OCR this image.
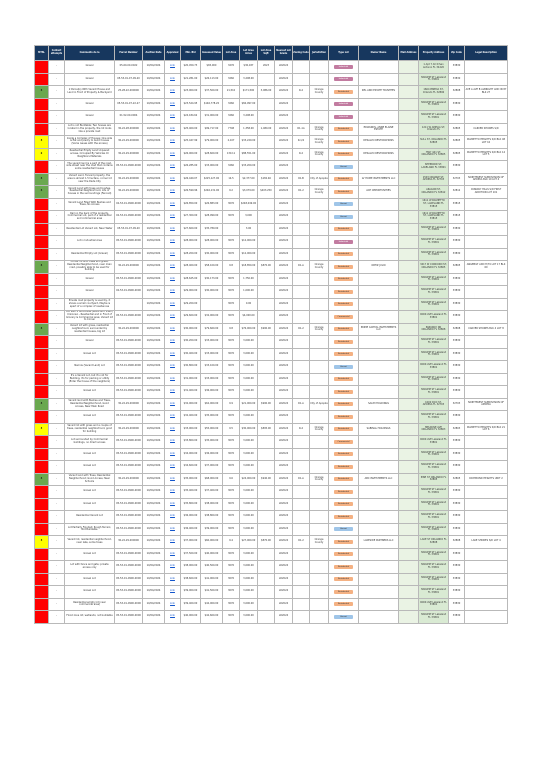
MTSL	Contact attempts	Comments de la	Parcel Number	Auction Date	Appraisal	Min. Bid	Assessed Value	Lot Area	Lot Area Acres	Lot Area Sqft	Nearest Lot Grade	Zoning Code	Jurisdiction	Type Lot	Owner Name	Mail Address	Property Address	Zip Code	Legal Description
	-	Gravel	05-60-00-0022	10/04/2024	Link	$20,450.73	$65,000	3276	$30,187	2023	LD2024			Industrial			1 Apt 7 AV N San Antonio FL 34220	33830	
	-	Gravel	05-53-01-07-09-20	10/04/2024	Link	$21,281.00	$26,113.00	3260	3,208.00		LD2024			Industrial			HARLEM ST Lakeland FL 33801	33830	
4	-	2 Parcel(s) With Vacant House and Land in Front of Property & Backyard	25-28-22-000000	10/04/2024	Link	$23,000.00	$37,500.00	21,510	$171,500	3,086.00	LD2024	R-2	Orange County	Residential	REL AND ESTATE TRUSTEES		1664 PINEDA ST, Orlando FL 32806	32808	AVE A AVE B ALBRIGHT ADD IN 87 BLK 27
	-	Gravel	05-53-01-07-22-27	10/04/2024	Link	$23,524.95	$146,778.20	3260	$84,997.00		LD2024			Industrial			HARLEM ST Lakeland FL 33801	33830	
	-	Gravel	01-52-00-0004	10/04/2024	Link	$24,184.62	$31,000.00	3260	3,208.00		LD2024			Industrial			HARLEM ST Lakeland FL 33801	33830	
	-	Lot is not Buildable; Two houses are located in the property, the lot looks like a private road	30-22-28-000000	10/04/2024	Link	$25,400.00	$99,717.00	7748	1,358.00	1,480.00	LD2024	R1-1A	Orange County	Residential	EDWARDS, ANNE ELAINE ESTATE		1211 W AMELIA ST, Orlando FL	32805	CARVER SHORES S/D
3	-	Inside a Complex of Houses; One side is flat and plenty to build houses (Some issues with the access)	30-22-29-000000	10/04/2024	Link	$25,447.99	$79,000.00	2,107	$33,229.00		LD2024	R-1/2	Orange County	Residential	DESALVO RESTORATIONS		SULL ST, ORLANDO FL 32805	32805	PALMETTO HEIGHTS S/D BLK 48 LOT 10
2	-	Residential Empty Land Unpaved access, Occupied By Vehicles Or Neighbors Materials	30-22-29-000000	10/04/2024	Link	$26,000.00	$28,600.00	130.11	$88,551.00		LD2024	R-2	Orange County	Residential	DESALVO RESTORATIONS		HWY 441 ST, ORLANDO FL 32805	32805	PALMETTO HEIGHTS S/D BLK 14 LOT 5
	-	The vacant land is a part of the road, side street near the road that contains some residential houses	05-53-01-0900-0000	10/04/2024	Link	$26,285.00	$33,000.00	3260	$33,200.00		LD2024			Vacant			SHEPPARD ST, LAKELAND FL 33801	33830	
4	-	Vacant Land, Fenced property, the area is almost 1.5 hectare, corner lot near the Dade City	30-22-29-000000	10/04/2024	Link	$26,440.07	$225,127.00	14.5	$2,377.00	$182.46	LD2024	R1-B	City of Apopka	Residential	LV HOME INVESTMENTS LLC		1503 ORANGE ST, APOPKA FL 32703	32703	NORTHWEST SUBDIVISION OF APOPKA BLK 10 LOT 4
4	-	Vacant Land with trees and bushes, Residential Neighborhood, lots of houses in the surroundings (Fenced)	30-22-29-000000	10/04/2024	Link	$26,599.96	$246,131.00	9.2	$3,079.00	$403.250	LD2024	R1-2	Orange County	Residential	ACE OPPORTUNITIES		ARAGON ST, ORLANDO FL 32812	32812	CONWAY HILLS S/D FIRST ADDITION LOT 101
	-	Vacant Land Filled With Bushes and Trees, No Access	02-53-01-0900-0000	10/04/2024	Link	$26,850.00	$26,883.00	3076	$248,049.00		LD2024			Vacant			1611 W PALMETTO ST, LAKELAND FL 33815	33815	
	-	Rail on the back of the property, Commercial Lot, part of a residential and commercial area	02-53-01-0900-0000	10/04/2024	Link	$27,300.00	$28,999.00	3076	3,000		LD2024			Vacant			1611 W PALMETTO ST, LAKELAND FL 33815	33815	
	-	Residential Lot Vacant Lot, Near Water	05-53-01-07-09-20	10/04/2024	Link	$27,600.00	$35,789.00		3.00		LD2024			Residential			HARLEM ST Lakeland FL 33801	33830	
	-	Lot in Industrial Area	05-53-01-0900-0000	10/04/2024	Link	$28,000.00	$28,000.00	3076	$12,000.00		LD2024			Industrial			HARLEM ST Lakeland FL 33801	33830	
	-	Residential Empty Lot (Gravel)	05-53-01-0900-0000	10/04/2024	Link	$28,200.00	$30,000.00	3076	$12,000.00		LD2024			Residential			HARLEM ST Lakeland FL 33801	33830	
4	-	Corner lot with trees and grass, Residential Neighborhood, near main road, possibly able to be used for building	30-22-29-000000	10/04/2024	Link	$28,400.00	$58,100.00	9.8	$18,850.00	$870.00	LD2024	R1-A	Orange County	Residential	ORTIZ JULIO		3417 W CONCORD ST, ORLANDO FL 32805	32805	ANGEBILT ADD H/79 LOT 17 BLK 60
	-	Gravel	05-53-01-0900-0000	10/04/2024	Link	$28,625.00	$30,173.00	3076	1,750.00		LD2024			Residential			HARLEM ST Lakeland FL 33801	33830	
	-	Gravel	02-53-01-0900-0000	10/04/2024	Link	$29,000.00	$30,000.00	3076	1,000.00		LD2024			Residential			HARLEM ST Lakeland FL 33801	33830	
	-	Private road property is used by, it shows a small courtyard, Maybe is apart of a complex of residences		10/04/2024	Link	$29,200.00		3076	0.00		LD2024			Residential			HARLEM ST Lakeland FL 33801	33830	
	-	Lot with 2 Structures (Ruins and Trash) Unknown - Residential and in Front of Grocery & Commercial area; Vacant lot to Corner	05-53-01-0900-0000	10/04/2024	Link	$29,600.00	$32,000.00	3076	$4,000.00		LD2024			Commercial			PARK AVE Lakeland FL 33801	33830	
4	-	Vacant lot with grass, residential neighborhood, surrounded by residential houses, big lot	30-22-29-000000	10/04/2024	Link	$30,000.00	$79,660.00	9.8	$76,000.00	$990.00	LD2024	R1-2	Orange County	Residential	PRIME CAPITAL INVESTMENTS LLC		PARKWAY DR ORLANDO FL 32808	32808	CARVER SHORES BLK 4 LOT 8
	-	Gravel	05-53-01-0900-0000	10/04/2024	Link	$30,200.00	$33,000.00	3076	3,000.00		LD2024			Residential			HARLEM ST Lakeland FL 33801	33830	
	-	Gravel Lot	05-53-01-0900-0000	10/04/2024	Link	$30,400.00	$33,000.00	3076	3,000.00		LD2024			Residential			HARLEM ST Lakeland FL 33801	33830	
	-	Narrow (Vacant Land) Lot	05-53-01-0900-0000	10/04/2024	Link	$30,800.00	$33,100.00	3076	3,000.00		LD2024			Vacant			PARK AVE Lakeland FL 33801	33830	
	-	It's a Vacant Lot, but it's not for Building, it's for parking or utility (Enter the house of the neighbors)	05-53-01-0900-0000	10/04/2024	Link	$31,000.00	$33,000.00	3076	3,000.00		LD2024			Residential			HARLEM ST Lakeland FL 33801	33830	
	-	Gravel Lot	05-53-01-0900-0000	10/04/2024	Link	$31,400.00	$36,000.00	3076	3,000.00		LD2024			Residential			HARLEM ST Lakeland FL 33801	33830	
4	-	Vacant land with Bushes and Trees, Residential Neighborhood, Good Access, Near Main Road	30-22-29-000000	10/04/2024	Link	$32,000.00	$62,000.00	9.9	$21,000.00	$990.00	LD2024	R1-A	City of Apopka	Residential	SALIM HOLDINGS		1000 DOC ST, APOPKA FL 32703	32703	NORTHWEST SUBDIVISION OF APOPKA
	-	Gravel Lot	05-53-01-0900-0000	10/04/2024	Link	$32,400.00	$35,000.00	3076	3,000.00		LD2024			Residential			HARLEM ST Lakeland FL 33801	33830	
3	-	Vacant lot with grass and a couple of trees, residential neighborhood, good for building	30-22-29-000000	10/04/2024	Link	$33,000.00	$55,000.00	9.5	$30,000.00	$895.00	LD2024	R-2	Orange County	Residential	SABINAL HOLDINGS		MELROSE AVE ORLANDO FL 32803	32803	PALMETTO HEIGHTS S/D BLK 21 LOT 6
	-	Lot surrounded by Commercial buildings, no direct access	05-53-01-0900-0000	10/04/2024	Link	$33,800.00	$35,000.00	3076	3,000.00		LD2024			Commercial			PARK AVE Lakeland FL 33801	33830	
	-	Gravel Lot	05-53-01-0900-0000	10/04/2024	Link	$34,000.00	$36,000.00	3076	3,000.00		LD2024			Residential			HARLEM ST Lakeland FL 33801	33830	
	-	Gravel Lot	05-53-01-0900-0000	10/04/2024	Link	$34,600.00	$37,000.00	3076	3,000.00		LD2024			Residential			HARLEM ST Lakeland FL 33801	33830	
4	-	Vacant land with Trees; Residential Neighborhood; Good Access; Near Schools	30-22-29-000000	10/04/2024	Link	$35,000.00	$68,000.00	9.6	$24,000.00	$940.00	LD2024	R1-A	Orange County	Residential	ABC INVESTMENTS LLC		PINE ST ORLANDO FL 32805	32805	RICHMOND HEIGHTS UNIT 2
	-	Gravel Lot	05-53-01-0900-0000	10/04/2024	Link	$35,400.00	$37,400.00	3076	3,000.00		LD2024			Residential			HARLEM ST Lakeland FL 33801	33830	
	-	Gravel Lot	05-53-01-0900-0000	10/04/2024	Link	$35,800.00	$38,000.00	3076	3,000.00		LD2024			Residential			HARLEM ST Lakeland FL 33801	33830	
	-	Residential Vacant Lot	05-53-01-0900-0000	10/04/2024	Link	$36,000.00	$38,800.00	3076	3,000.00		LD2024			Residential			HARLEM ST Lakeland FL 33801	33830	
	-	Lot Partially Flooded; Rough Terrain; Not Buildable	05-53-01-0900-0000	10/04/2024	Link	$36,400.00	$39,000.00	3076	3,000.00		LD2024			Vacant			HARLEM ST Lakeland FL 33801	33830	
3	-	Vacant lot, residential neighborhood, near lake, some trees	30-22-29-000000	10/04/2024	Link	$37,000.00	$60,000.00	9.4	$27,000.00	$870.00	LD2024	R1-2	Orange County	Residential	LAKESIDE PARTNERS LLC		LAKE ST ORLANDO FL 32808	32808	LAKE SHORES S/D LOT 4
	-	Gravel Lot	05-53-01-0900-0000	10/04/2024	Link	$37,500.00	$40,000.00	3076	3,000.00		LD2024			Residential			HARLEM ST Lakeland FL 33801	33830	
	-	Lot with fence and gate; private access only	05-53-01-0900-0000	10/04/2024	Link	$38,000.00	$40,500.00	3076	3,000.00		LD2024			Residential			HARLEM ST Lakeland FL 33801	33830	
	-	Gravel Lot	05-53-01-0900-0000	10/04/2024	Link	$38,600.00	$41,000.00	3076	3,000.00		LD2024			Residential			HARLEM ST Lakeland FL 33801	33830	
	-	Gravel Lot	05-53-01-0900-0000	10/04/2024	Link	$39,000.00	$41,500.00	3076	3,000.00		LD2024			Residential			HARLEM ST Lakeland FL 33801	33830	
	-	Residential empty lot (near commercial area)	05-53-01-0900-0000	10/04/2024	Link	$39,400.00	$42,000.00	3076	3,000.00		LD2024			Residential			PARK AVE Lakeland FL 33801	33830	
	-	Flood zone lot; wetlands; not buildable	05-53-01-0900-0000	10/04/2024	Link	$40,000.00	$42,600.00	3076	3,000.00		LD2024			Vacant			HARLEM ST Lakeland FL 33801	33830	
